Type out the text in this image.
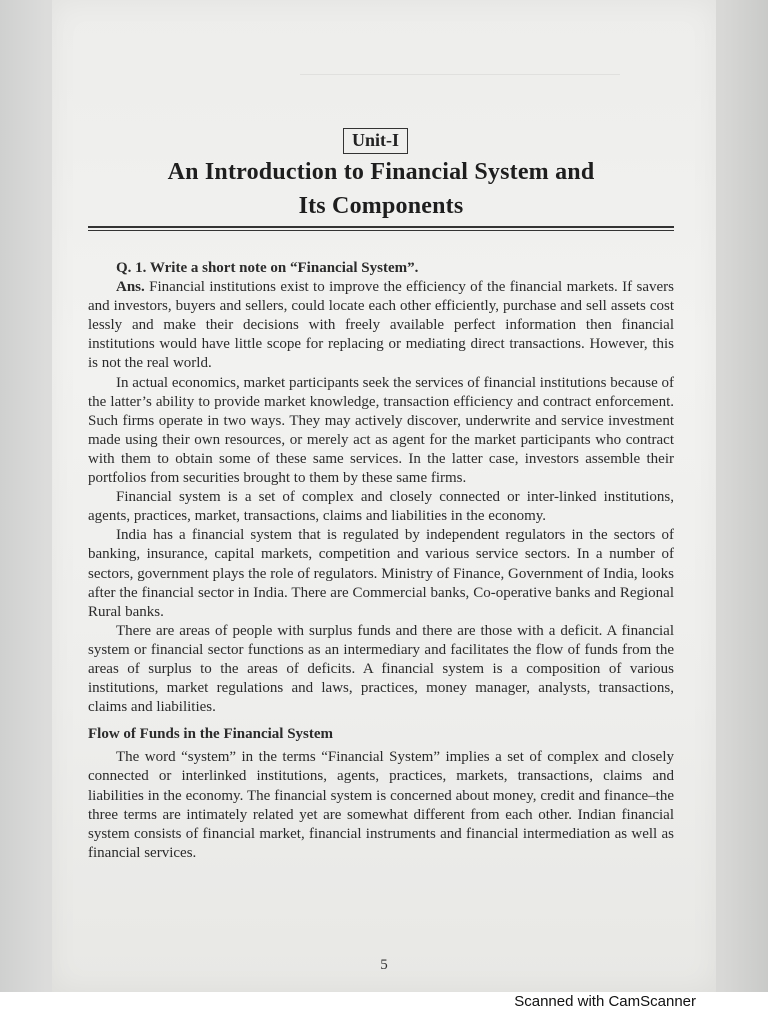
Unit-I
An Introduction to Financial System and
Its Components
Q. 1. Write a short note on “Financial System”.

Ans. Financial institutions exist to improve the efficiency of the financial markets. If savers and investors, buyers and sellers, could locate each other efficiently, purchase and sell assets cost lessly and make their decisions with freely available perfect information then financial institutions would have little scope for replacing or mediating direct transactions. However, this is not the real world.

In actual economics, market participants seek the services of financial institutions because of the latter’s ability to provide market knowledge, transaction efficiency and contract enforcement. Such firms operate in two ways. They may actively discover, underwrite and service investment made using their own resources, or merely act as agent for the market participants who contract with them to obtain some of these same services. In the latter case, investors assemble their portfolios from securities brought to them by these same firms.

Financial system is a set of complex and closely connected or inter-linked institutions, agents, practices, market, transactions, claims and liabilities in the economy.

India has a financial system that is regulated by independent regulators in the sectors of banking, insurance, capital markets, competition and various service sectors. In a number of sectors, government plays the role of regulators. Ministry of Finance, Government of India, looks after the financial sector in India. There are Commercial banks, Co-operative banks and Regional Rural banks.

There are areas of people with surplus funds and there are those with a deficit. A financial system or financial sector functions as an intermediary and facilitates the flow of funds from the areas of surplus to the areas of deficits. A financial system is a composition of various institutions, market regulations and laws, practices, money manager, analysts, transactions, claims and liabilities.

Flow of Funds in the Financial System

The word “system” in the terms “Financial System” implies a set of complex and closely connected or interlinked institutions, agents, practices, markets, transactions, claims and liabilities in the economy. The financial system is concerned about money, credit and finance–the three terms are intimately related yet are somewhat different from each other. Indian financial system consists of financial market, financial instruments and financial intermediation as well as financial services.

5
Scanned with CamScanner
